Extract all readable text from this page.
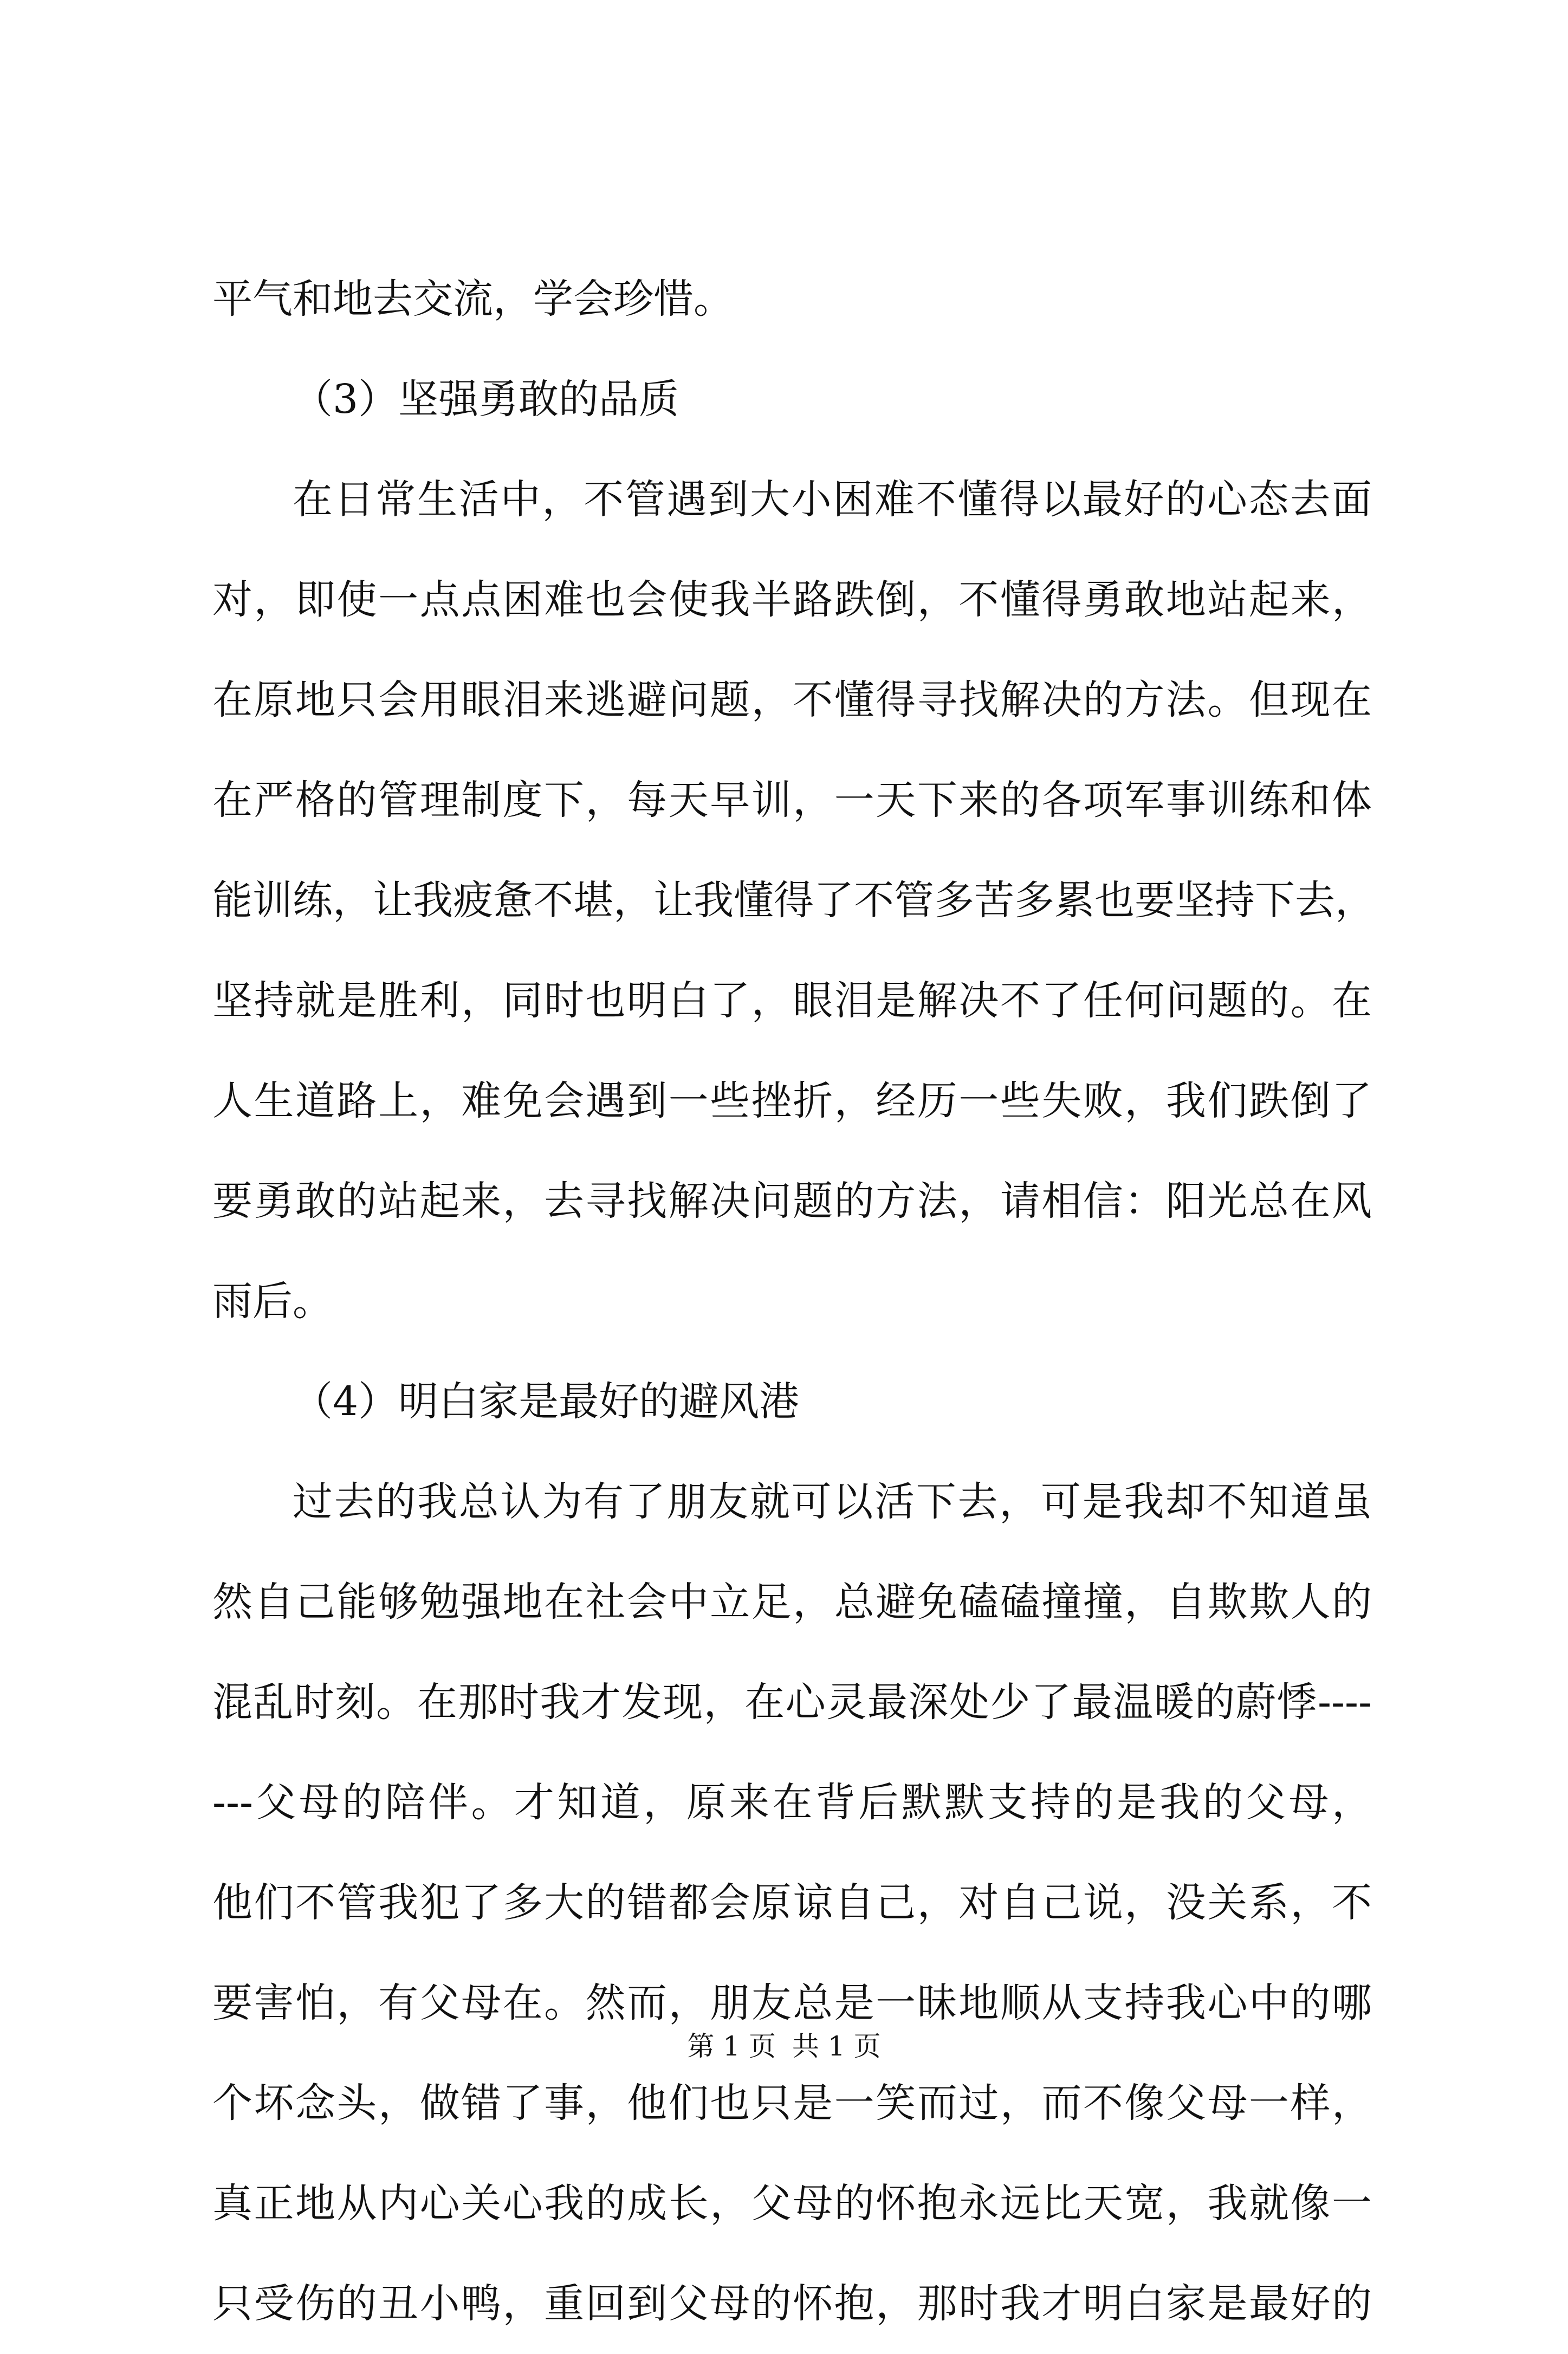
平气和地去交流，学会珍惜。
（3）坚强勇敢的品质
在日常生活中，不管遇到大小困难不懂得以最好的心态去面
对，即使一点点困难也会使我半路跌倒，不懂得勇敢地站起来，
在原地只会用眼泪来逃避问题，不懂得寻找解决的方法。但现在
在严格的管理制度下，每天早训，一天下来的各项军事训练和体
能训练，让我疲惫不堪，让我懂得了不管多苦多累也要坚持下去，
坚持就是胜利，同时也明白了，眼泪是解决不了任何问题的。在
人生道路上，难免会遇到一些挫折，经历一些失败，我们跌倒了
要勇敢的站起来，去寻找解决问题的方法，请相信：阳光总在风
雨后。
（4）明白家是最好的避风港
过去的我总认为有了朋友就可以活下去，可是我却不知道虽
然自己能够勉强地在社会中立足，总避免磕磕撞撞，自欺欺人的
混乱时刻。在那时我才发现，在心灵最深处少了最温暖的蔚悸----
---父母的陪伴。才知道，原来在背后默默支持的是我的父母，
他们不管我犯了多大的错都会原谅自己，对自己说，没关系，不
要害怕，有父母在。然而，朋友总是一昧地顺从支持我心中的哪
个坏念头，做错了事，他们也只是一笑而过，而不像父母一样，
真正地从内心关心我的成长，父母的怀抱永远比天宽，我就像一
只受伤的丑小鸭，重回到父母的怀抱，那时我才明白家是最好的
第 1 页 共 1 页
